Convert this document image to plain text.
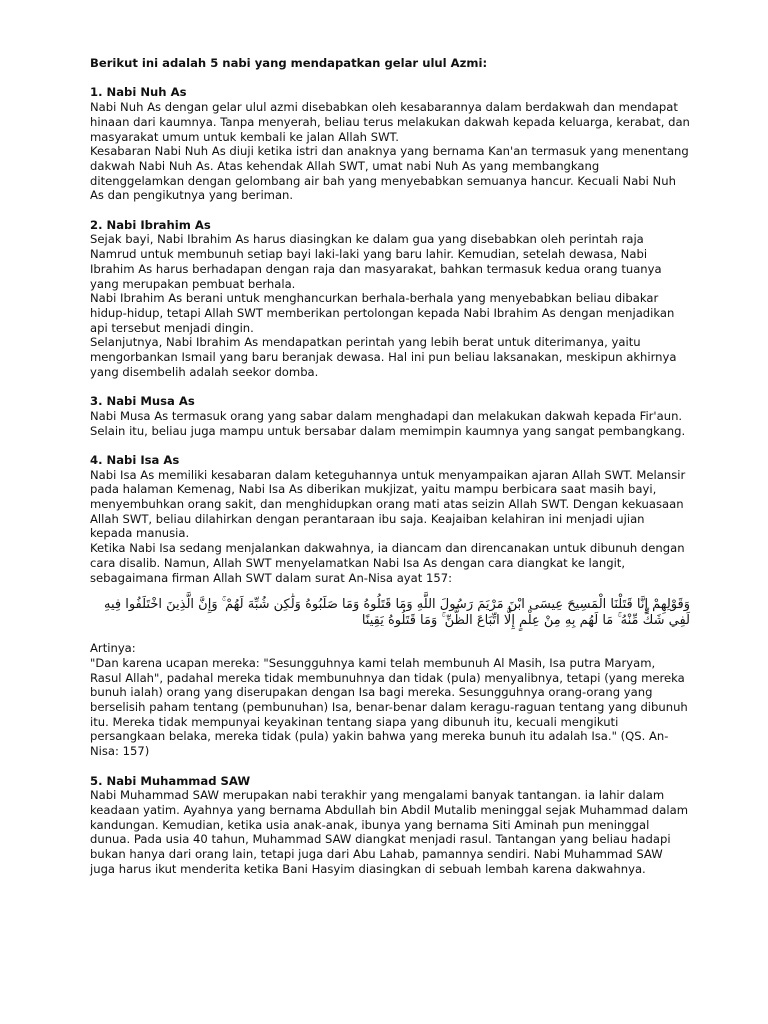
Berikut ini adalah 5 nabi yang mendapatkan gelar ulul Azmi:

1. Nabi Nuh As

Nabi Nuh As dengan gelar ulul azmi disebabkan oleh kesabarannya dalam berdakwah dan mendapat hinaan dari kaumnya. Tanpa menyerah, beliau terus melakukan dakwah kepada keluarga, kerabat, dan masyarakat umum untuk kembali ke jalan Allah SWT.

Kesabaran Nabi Nuh As diuji ketika istri dan anaknya yang bernama Kan'an termasuk yang menentang dakwah Nabi Nuh As. Atas kehendak Allah SWT, umat nabi Nuh As yang membangkang ditenggelamkan dengan gelombang air bah yang menyebabkan semuanya hancur. Kecuali Nabi Nuh As dan pengikutnya yang beriman.

2. Nabi Ibrahim As

Sejak bayi, Nabi Ibrahim As harus diasingkan ke dalam gua yang disebabkan oleh perintah raja Namrud untuk membunuh setiap bayi laki-laki yang baru lahir. Kemudian, setelah dewasa, Nabi Ibrahim As harus berhadapan dengan raja dan masyarakat, bahkan termasuk kedua orang tuanya yang merupakan pembuat berhala.

Nabi Ibrahim As berani untuk menghancurkan berhala-berhala yang menyebabkan beliau dibakar hidup-hidup, tetapi Allah SWT memberikan pertolongan kepada Nabi Ibrahim As dengan menjadikan api tersebut menjadi dingin.

Selanjutnya, Nabi Ibrahim As mendapatkan perintah yang lebih berat untuk diterimanya, yaitu mengorbankan Ismail yang baru beranjak dewasa. Hal ini pun beliau laksanakan, meskipun akhirnya yang disembelih adalah seekor domba.

3. Nabi Musa As

Nabi Musa As termasuk orang yang sabar dalam menghadapi dan melakukan dakwah kepada Fir'aun. Selain itu, beliau juga mampu untuk bersabar dalam memimpin kaumnya yang sangat pembangkang.

4. Nabi Isa As

Nabi Isa As memiliki kesabaran dalam keteguhannya untuk menyampaikan ajaran Allah SWT. Melansir pada halaman Kemenag, Nabi Isa As diberikan mukjizat, yaitu mampu berbicara saat masih bayi, menyembuhkan orang sakit, dan menghidupkan orang mati atas seizin Allah SWT. Dengan kekuasaan Allah SWT, beliau dilahirkan dengan perantaraan ibu saja. Keajaiban kelahiran ini menjadi ujian kepada manusia.

Ketika Nabi Isa sedang menjalankan dakwahnya, ia diancam dan direncanakan untuk dibunuh dengan cara disalib. Namun, Allah SWT menyelamatkan Nabi Isa As dengan cara diangkat ke langit, sebagaimana firman Allah SWT dalam surat An-Nisa ayat 157:

وَقَوْلِهِمْ إِنَّا قَتَلْنَا الْمَسِيحَ عِيسَى ابْنَ مَرْيَمَ رَسُولَ اللَّهِ وَمَا قَتَلُوهُ وَمَا صَلَبُوهُ وَلَٰكِن شُبِّهَ لَهُمْ ۚ وَإِنَّ الَّذِينَ اخْتَلَفُوا فِيهِ لَفِي شَكٍّ مِّنْهُ ۚ مَا لَهُم بِهِ مِنْ عِلْمٍ إِلَّا اتِّبَاعَ الظَّنِّ ۚ وَمَا قَتَلُوهُ يَقِينًا

Artinya:

"Dan karena ucapan mereka: "Sesungguhnya kami telah membunuh Al Masih, Isa putra Maryam, Rasul Allah", padahal mereka tidak membunuhnya dan tidak (pula) menyalibnya, tetapi (yang mereka bunuh ialah) orang yang diserupakan dengan Isa bagi mereka. Sesungguhnya orang-orang yang berselisih paham tentang (pembunuhan) Isa, benar-benar dalam keragu-raguan tentang yang dibunuh itu. Mereka tidak mempunyai keyakinan tentang siapa yang dibunuh itu, kecuali mengikuti persangkaan belaka, mereka tidak (pula) yakin bahwa yang mereka bunuh itu adalah Isa." (QS. An-Nisa: 157)

5. Nabi Muhammad SAW

Nabi Muhammad SAW merupakan nabi terakhir yang mengalami banyak tantangan. ia lahir dalam keadaan yatim. Ayahnya yang bernama Abdullah bin Abdil Mutalib meninggal sejak Muhammad dalam kandungan. Kemudian, ketika usia anak-anak, ibunya yang bernama Siti Aminah pun meninggal dunua. Pada usia 40 tahun, Muhammad SAW diangkat menjadi rasul. Tantangan yang beliau hadapi bukan hanya dari orang lain, tetapi juga dari Abu Lahab, pamannya sendiri. Nabi Muhammad SAW juga harus ikut menderita ketika Bani Hasyim diasingkan di sebuah lembah karena dakwahnya.
